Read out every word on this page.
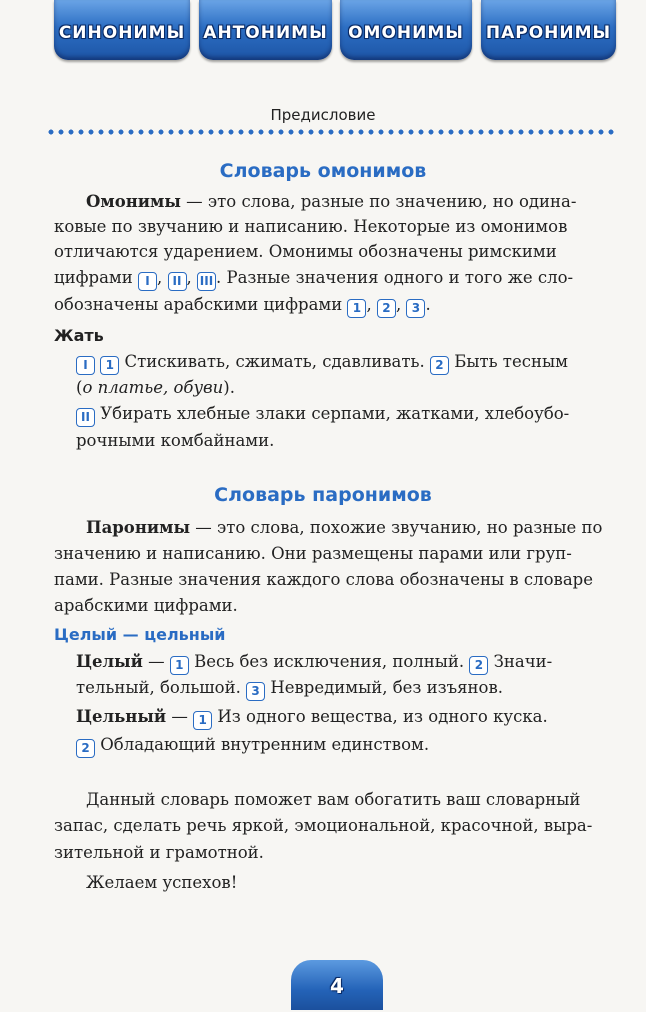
СИНОНИМЫ АНТОНИМЫ	ОМОНИМЫ	ПАРОНИМЫ
Предисловие
Словарь омонимов
Омонимы — это слова, разные по значению, но одина-
ковые по звучанию и написанию. Некоторые из омонимов
отличаются ударением. Омонимы обозначены римскими
цифрами I , II , III . Разные значения одного и того же сло-
обозначены арабскими цифрами 1 , 2 , 3 .
Жать
I 1 Стискивать, сжимать, сдавливать. 2 Быть тесным
(о платье, обуви).
II Убирать хлебные злаки серпами, жатками, хлебоубо-
рочными комбайнами.
Словарь паронимов
Паронимы — это слова, похожие звучанию, но разные по
значению и написанию. Они размещены парами или груп-
пами. Разные значения каждого слова обозначены в словаре
арабскими цифрами.
Целый — цельный
Целый — 1 Весь без исключения, полный. 2 Значи-
тельный, большой. 3 Невредимый, без изъянов.
Цельный — 1 Из одного вещества, из одного куска.
2 Обладающий внутренним единством.
Данный словарь поможет вам обогатить ваш словарный
запас, сделать речь яркой, эмоциональной, красочной, выра-
зительной и грамотной.
Желаем успехов!
4
